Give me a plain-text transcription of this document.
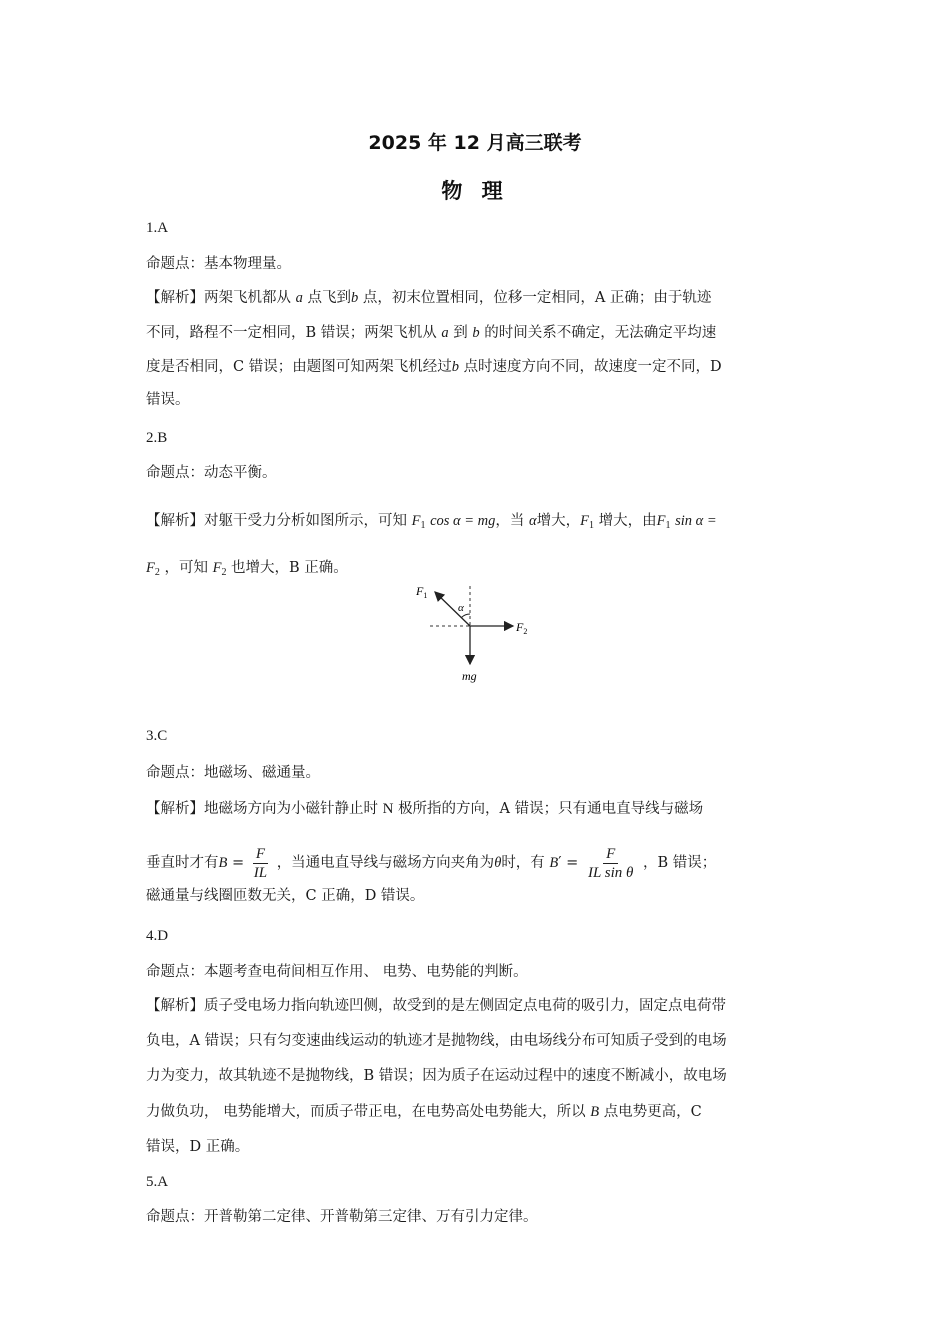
2025 年 12 月高三联考
物 理
1.A
命题点：基本物理量。
【解析】两架飞机都从 a 点飞到b 点，初末位置相同，位移一定相同，A 正确；由于轨迹
不同，路程不一定相同，B 错误；两架飞机从 a 到 b 的时间关系不确定，无法确定平均速
度是否相同，C 错误；由题图可知两架飞机经过b 点时速度方向不同，故速度一定不同，D
错误。
2.B
命题点：动态平衡。
【解析】对躯干受力分析如图所示，可知 $F_1$ cos α = mg，当 α增大，$F_1$ 增大，由$F_1$ sin α =
$F_2$ ，可知 $F_2$ 也增大，B 正确。
α
$F_1$
$F_2$
mg
3.C
命题点：地磁场、磁通量。
【解析】地磁场方向为小磁针静止时 N 极所指的方向，A 错误；只有通电直导线与磁场
垂直时才有$B = \frac{F}{IL}$ ，当通电直导线与磁场方向夹角为θ时，有 $B' = \frac{F}{\text{IL sin θ}}$ ，B 错误；
磁通量与线圈匝数无关，C 正确，D 错误。
4.D
命题点：本题考查电荷间相互作用、 电势、电势能的判断。
【解析】质子受电场力指向轨迹凹侧，故受到的是左侧固定点电荷的吸引力，固定点电荷带
负电，A 错误；只有匀变速曲线运动的轨迹才是抛物线，由电场线分布可知质子受到的电场
力为变力，故其轨迹不是抛物线，B 错误；因为质子在运动过程中的速度不断减小，故电场
力做负功， 电势能增大，而质子带正电，在电势高处电势能大，所以 B 点电势更高，C
错误，D 正确。
5.A
命题点：开普勒第二定律、开普勒第三定律、万有引力定律。
